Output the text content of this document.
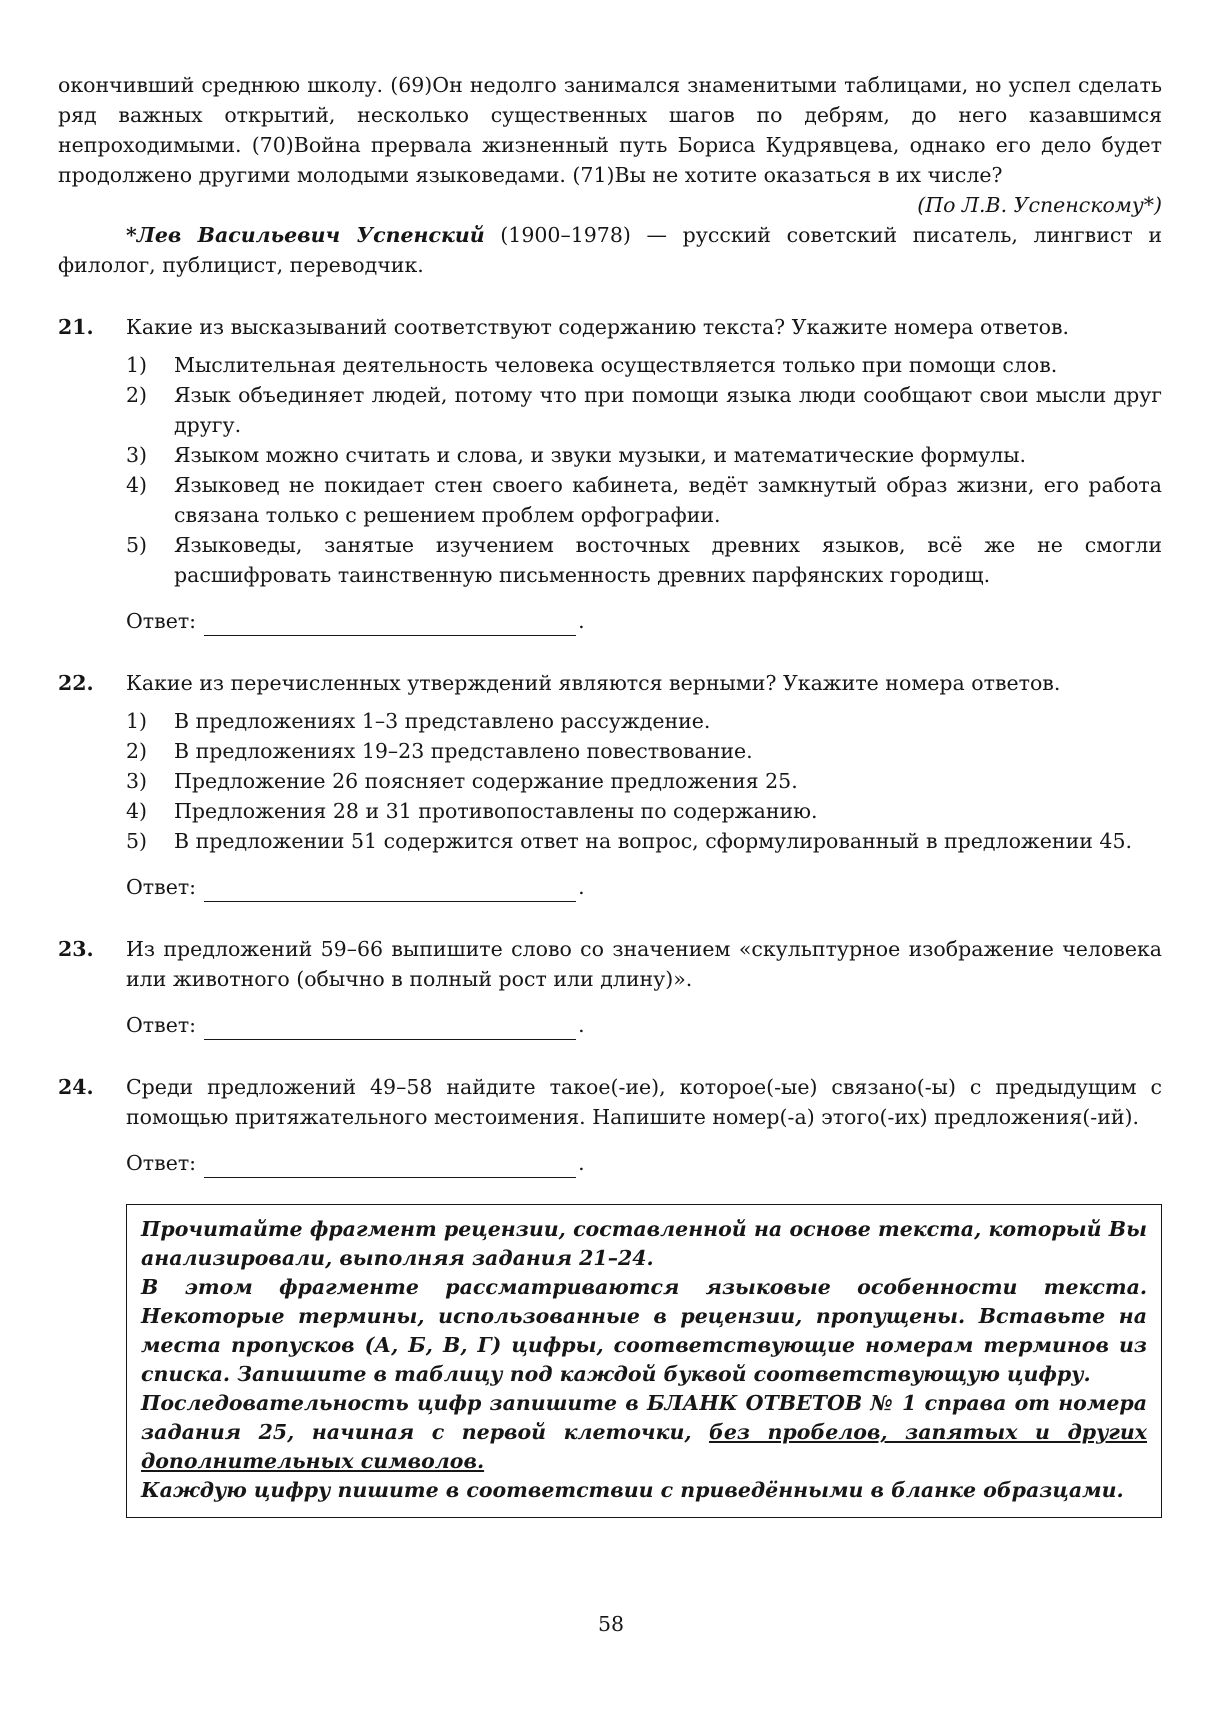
окончивший среднюю школу. (69)Он недолго занимался знаменитыми таблицами, но успел сделать ряд важных открытий, несколько существенных шагов по дебрям, до него казавшимся непроходимыми. (70)Война прервала жизненный путь Бориса Кудрявцева, однако его дело будет продолжено другими молодыми языковедами. (71)Вы не хотите оказаться в их числе?

(По Л.В. Успенскому*)

*Лев Васильевич Успенский (1900–1978) — русский советский писатель, лингвист и филолог, публицист, переводчик.

21. Какие из высказываний соответствуют содержанию текста? Укажите номера ответов.

1) Мыслительная деятельность человека осуществляется только при помощи слов.
2) Язык объединяет людей, потому что при помощи языка люди сообщают свои мысли друг другу.
3) Языком можно считать и слова, и звуки музыки, и математические формулы.
4) Языковед не покидает стен своего кабинета, ведёт замкнутый образ жизни, его работа связана только с решением проблем орфографии.
5) Языковеды, занятые изучением восточных древних языков, всё же не смогли расшифровать таинственную письменность древних парфянских городищ.
Ответ:	.
22. Какие из перечисленных утверждений являются верными? Укажите номера ответов.

1) В предложениях 1–3 представлено рассуждение.
2) В предложениях 19–23 представлено повествование.
3) Предложение 26 поясняет содержание предложения 25.
4) Предложения 28 и 31 противопоставлены по содержанию.
5) В предложении 51 содержится ответ на вопрос, сформулированный в предложении 45.
Ответ:	.
23. Из предложений 59–66 выпишите слово со значением «скульптурное изображение человека или животного (обычно в полный рост или длину)».

Ответ:	.
24. Среди предложений 49–58 найдите такое(-ие), которое(-ые) связано(-ы) с предыдущим с помощью притяжательного местоимения. Напишите номер(-а) этого(-их) предложения(-ий).

Ответ:	.

Прочитайте фрагмент рецензии, составленной на основе текста, который Вы анализировали, выполняя задания 21–24.

В этом фрагменте рассматриваются языковые особенности текста. Некоторые термины, использованные в рецензии, пропущены. Вставьте на места пропусков (А, Б, В, Г) цифры, соответствующие номерам терминов из списка. Запишите в таблицу под каждой буквой соответствующую цифру.

Последовательность цифр запишите в БЛАНК ОТВЕТОВ № 1 справа от номера задания 25, начиная с первой клеточки, без пробелов, запятых и других дополнительных символов.

Каждую цифру пишите в соответствии с приведёнными в бланке образцами.

58
